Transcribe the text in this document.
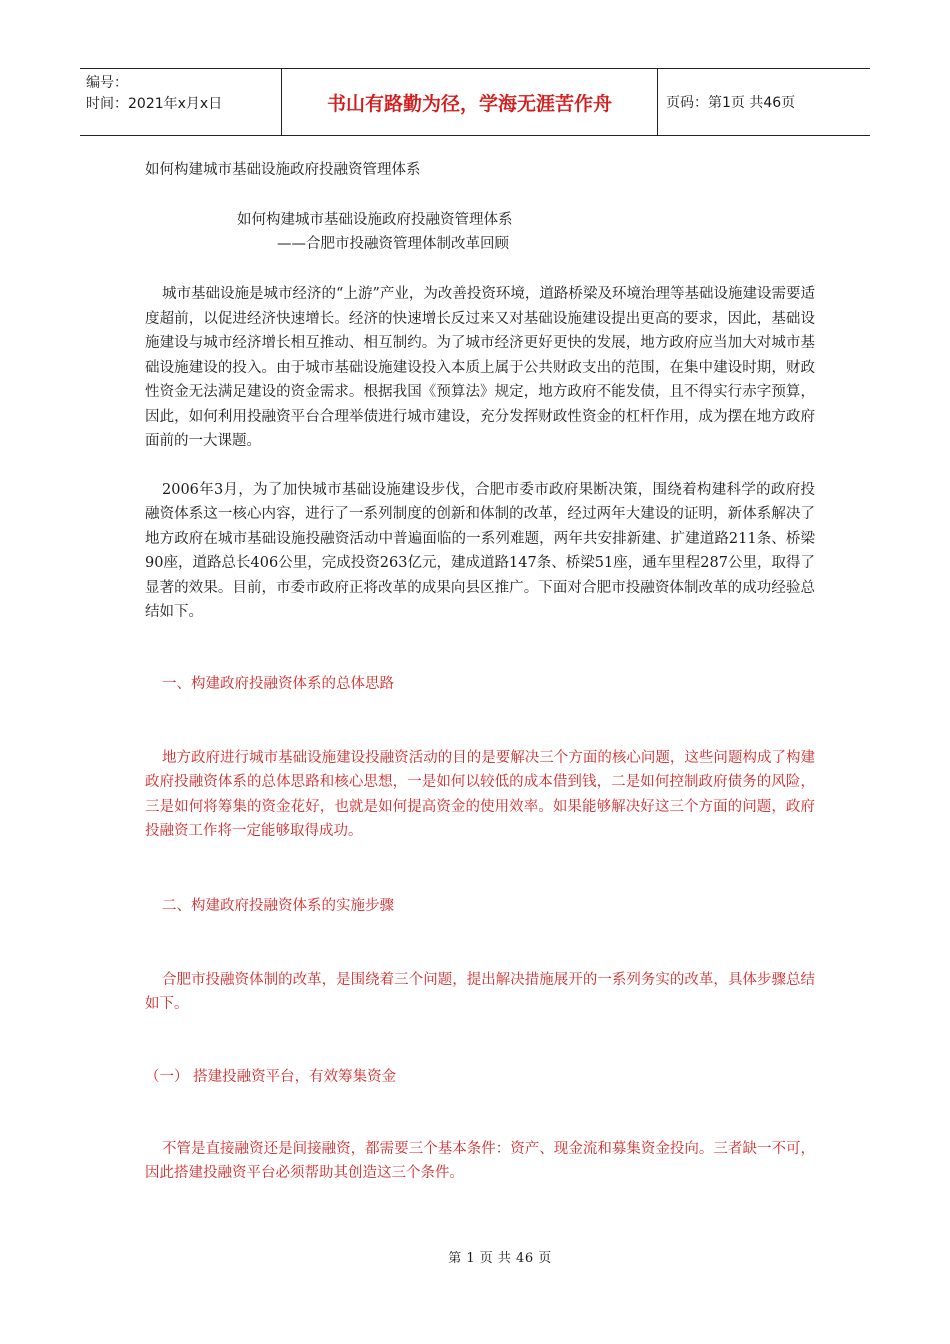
编号：
时间：2021年x月x日	书山有路勤为径，学海无涯苦作舟	页码：第1页 共46页

如何构建城市基础设施政府投融资管理体系

如何构建城市基础设施政府投融资管理体系

——合肥市投融资管理体制改革回顾

城市基础设施是城市经济的“上游”产业，为改善投资环境，道路桥梁及环境治理等基础设施建设需要适度超前，以促进经济快速增长。经济的快速增长反过来又对基础设施建设提出更高的要求，因此，基础设施建设与城市经济增长相互推动、相互制约。为了城市经济更好更快的发展，地方政府应当加大对城市基础设施建设的投入。由于城市基础设施建设投入本质上属于公共财政支出的范围，在集中建设时期，财政性资金无法满足建设的资金需求。根据我国《预算法》规定，地方政府不能发债，且不得实行赤字预算，因此，如何利用投融资平台合理举债进行城市建设，充分发挥财政性资金的杠杆作用，成为摆在地方政府面前的一大课题。

2006年3月，为了加快城市基础设施建设步伐，合肥市委市政府果断决策，围绕着构建科学的政府投融资体系这一核心内容，进行了一系列制度的创新和体制的改革，经过两年大建设的证明，新体系解决了地方政府在城市基础设施投融资活动中普遍面临的一系列难题，两年共安排新建、扩建道路211条、桥梁90座，道路总长406公里，完成投资263亿元，建成道路147条、桥梁51座，通车里程287公里，取得了显著的效果。目前，市委市政府正将改革的成果向县区推广。下面对合肥市投融资体制改革的成功经验总结如下。

一、构建政府投融资体系的总体思路

地方政府进行城市基础设施建设投融资活动的目的是要解决三个方面的核心问题，这些问题构成了构建政府投融资体系的总体思路和核心思想，一是如何以较低的成本借到钱，二是如何控制政府债务的风险，三是如何将筹集的资金花好，也就是如何提高资金的使用效率。如果能够解决好这三个方面的问题，政府投融资工作将一定能够取得成功。

二、构建政府投融资体系的实施步骤

合肥市投融资体制的改革，是围绕着三个问题，提出解决措施展开的一系列务实的改革，具体步骤总结如下。

（一） 搭建投融资平台，有效筹集资金

不管是直接融资还是间接融资，都需要三个基本条件：资产、现金流和募集资金投向。三者缺一不可，因此搭建投融资平台必须帮助其创造这三个条件。

第 1 页 共 46 页
